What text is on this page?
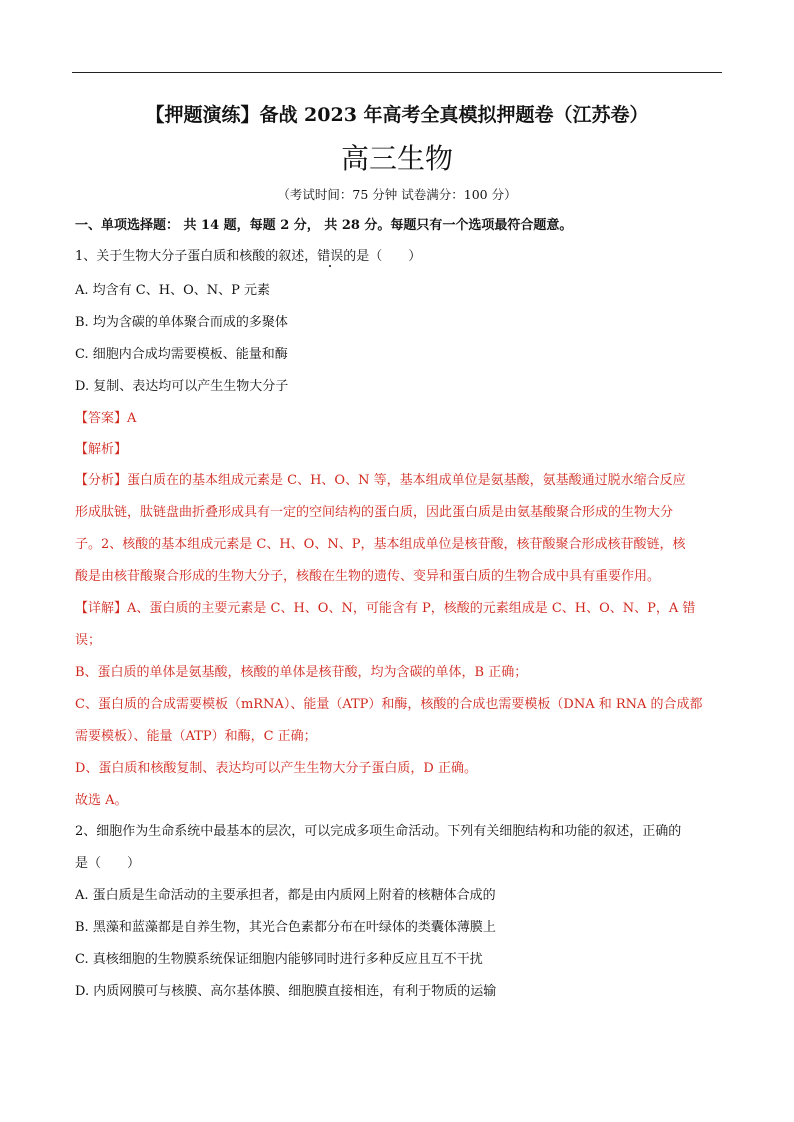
【押题演练】备战 2023 年高考全真模拟押题卷（江苏卷）
高三生物
（考试时间：75 分钟 试卷满分：100 分）
一、单项选择题： 共 14 题，每题 2 分， 共 28 分。每题只有一个选项最符合题意。
1、关于生物大分子蛋白质和核酸的叙述，错误的是（　　）
A. 均含有 C、H、O、N、P 元素
B. 均为含碳的单体聚合而成的多聚体
C. 细胞内合成均需要模板、能量和酶
D. 复制、表达均可以产生生物大分子
【答案】A
【解析】
【分析】蛋白质在的基本组成元素是 C、H、O、N 等，基本组成单位是氨基酸，氨基酸通过脱水缩合反应
形成肽链，肽链盘曲折叠形成具有一定的空间结构的蛋白质，因此蛋白质是由氨基酸聚合形成的生物大分
子。2、核酸的基本组成元素是 C、H、O、N、P，基本组成单位是核苷酸，核苷酸聚合形成核苷酸链，核
酸是由核苷酸聚合形成的生物大分子，核酸在生物的遗传、变异和蛋白质的生物合成中具有重要作用。
【详解】A、蛋白质的主要元素是 C、H、O、N，可能含有 P，核酸的元素组成是 C、H、O、N、P，A 错
误；
B、蛋白质的单体是氨基酸，核酸的单体是核苷酸，均为含碳的单体，B 正确；
C、蛋白质的合成需要模板（mRNA）、能量（ATP）和酶，核酸的合成也需要模板（DNA 和 RNA 的合成都
需要模板）、能量（ATP）和酶，C 正确；
D、蛋白质和核酸复制、表达均可以产生生物大分子蛋白质，D 正确。
故选 A。
2、细胞作为生命系统中最基本的层次，可以完成多项生命活动。下列有关细胞结构和功能的叙述，正确的
是（　　）
A. 蛋白质是生命活动的主要承担者，都是由内质网上附着的核糖体合成的
B. 黑藻和蓝藻都是自养生物，其光合色素都分布在叶绿体的类囊体薄膜上
C. 真核细胞的生物膜系统保证细胞内能够同时进行多种反应且互不干扰
D. 内质网膜可与核膜、高尔基体膜、细胞膜直接相连，有利于物质的运输
